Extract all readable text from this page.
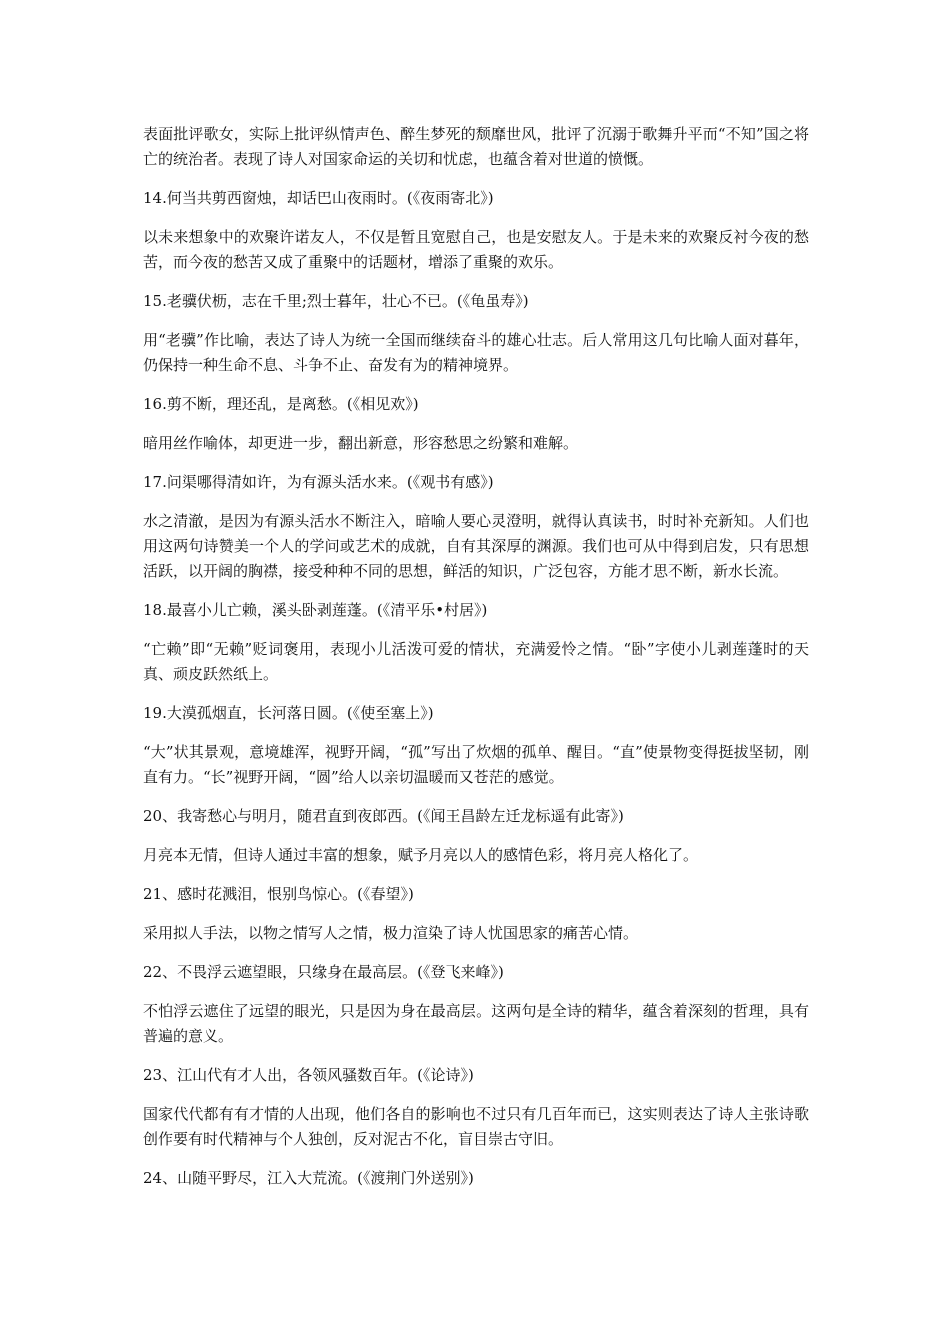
表面批评歌女，实际上批评纵情声色、醉生梦死的颓靡世风，批评了沉溺于歌舞升平而“不知”国之将亡的统治者。表现了诗人对国家命运的关切和忧虑，也蕴含着对世道的愤慨。

14.何当共剪西窗烛，却话巴山夜雨时。(《夜雨寄北》)

以未来想象中的欢聚许诺友人，不仅是暂且宽慰自己，也是安慰友人。于是未来的欢聚反衬今夜的愁苦，而今夜的愁苦又成了重聚中的话题材，增添了重聚的欢乐。

15.老骥伏枥，志在千里;烈士暮年，壮心不已。(《龟虽寿》)

用“老骥”作比喻，表达了诗人为统一全国而继续奋斗的雄心壮志。后人常用这几句比喻人面对暮年，仍保持一种生命不息、斗争不止、奋发有为的精神境界。

16.剪不断，理还乱，是离愁。(《相见欢》)

暗用丝作喻体，却更进一步，翻出新意，形容愁思之纷繁和难解。

17.问渠哪得清如许，为有源头活水来。(《观书有感》)

水之清澈，是因为有源头活水不断注入，暗喻人要心灵澄明，就得认真读书，时时补充新知。人们也用这两句诗赞美一个人的学问或艺术的成就，自有其深厚的渊源。我们也可从中得到启发，只有思想活跃，以开阔的胸襟，接受种种不同的思想，鲜活的知识，广泛包容，方能才思不断，新水长流。

18.最喜小儿亡赖，溪头卧剥莲蓬。(《清平乐•村居》)

“亡赖”即“无赖”贬词褒用，表现小儿活泼可爱的情状，充满爱怜之情。“卧”字使小儿剥莲蓬时的天真、顽皮跃然纸上。

19.大漠孤烟直，长河落日圆。(《使至塞上》)

“大”状其景观，意境雄浑，视野开阔，“孤”写出了炊烟的孤单、醒目。“直”使景物变得挺拔坚韧，刚直有力。“长”视野开阔，“圆”给人以亲切温暖而又苍茫的感觉。

20、我寄愁心与明月，随君直到夜郎西。(《闻王昌龄左迁龙标遥有此寄》)

月亮本无情，但诗人通过丰富的想象，赋予月亮以人的感情色彩，将月亮人格化了。

21、感时花溅泪，恨别鸟惊心。(《春望》)

采用拟人手法，以物之情写人之情，极力渲染了诗人忧国思家的痛苦心情。

22、不畏浮云遮望眼，只缘身在最高层。(《登飞来峰》)

不怕浮云遮住了远望的眼光，只是因为身在最高层。这两句是全诗的精华，蕴含着深刻的哲理，具有普遍的意义。

23、江山代有才人出，各领风骚数百年。(《论诗》)

国家代代都有有才情的人出现，他们各自的影响也不过只有几百年而已，这实则表达了诗人主张诗歌创作要有时代精神与个人独创，反对泥古不化，盲目崇古守旧。

24、山随平野尽，江入大荒流。(《渡荆门外送别》)
